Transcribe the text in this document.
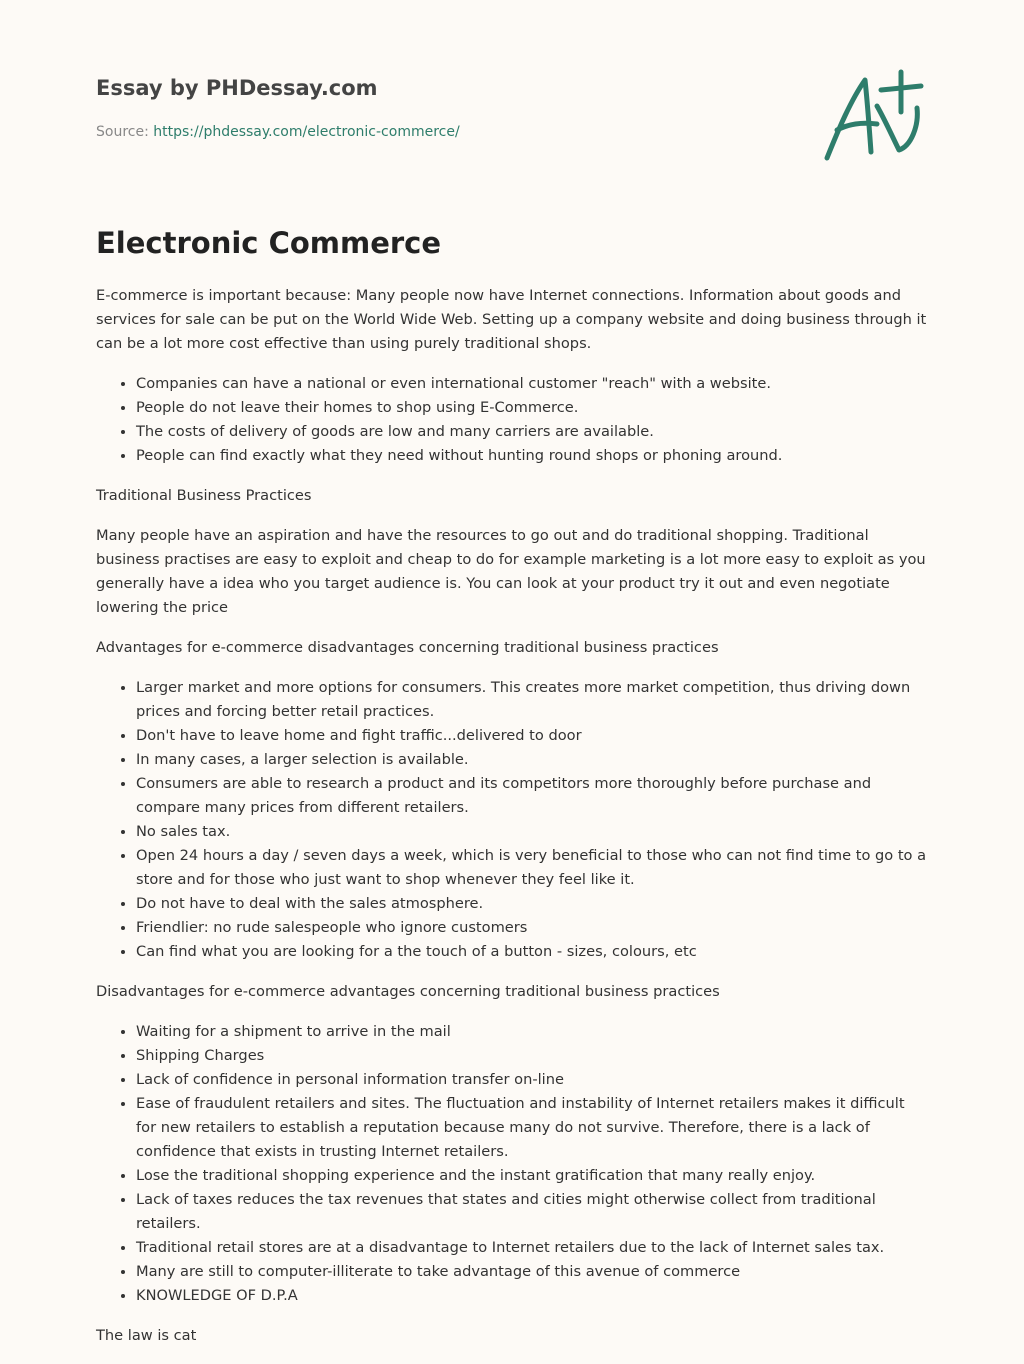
Essay by PHDessay.com
Source: https://phdessay.com/electronic-commerce/
Electronic Commerce

E-commerce is important because: Many people now have Internet connections. Information about goods and services for sale can be put on the World Wide Web. Setting up a company website and doing business through it can be a lot more cost effective than using purely traditional shops.

• Companies can have a national or even international customer "reach" with a website.
• People do not leave their homes to shop using E-Commerce.
• The costs of delivery of goods are low and many carriers are available.
• People can find exactly what they need without hunting round shops or phoning around.

Traditional Business Practices

Many people have an aspiration and have the resources to go out and do traditional shopping. Traditional business practises are easy to exploit and cheap to do for example marketing is a lot more easy to exploit as you generally have a idea who you target audience is. You can look at your product try it out and even negotiate lowering the price

Advantages for e-commerce disadvantages concerning traditional business practices

• Larger market and more options for consumers. This creates more market competition, thus driving down prices and forcing better retail practices.
• Don't have to leave home and fight traffic...delivered to door
• In many cases, a larger selection is available.
• Consumers are able to research a product and its competitors more thoroughly before purchase and compare many prices from different retailers.
• No sales tax.
• Open 24 hours a day / seven days a week, which is very beneficial to those who can not find time to go to a store and for those who just want to shop whenever they feel like it.
• Do not have to deal with the sales atmosphere.
• Friendlier: no rude salespeople who ignore customers
• Can find what you are looking for a the touch of a button - sizes, colours, etc

Disadvantages for e-commerce advantages concerning traditional business practices

• Waiting for a shipment to arrive in the mail
• Shipping Charges
• Lack of confidence in personal information transfer on-line
• Ease of fraudulent retailers and sites. The fluctuation and instability of Internet retailers makes it difficult for new retailers to establish a reputation because many do not survive. Therefore, there is a lack of confidence that exists in trusting Internet retailers.
• Lose the traditional shopping experience and the instant gratification that many really enjoy.
• Lack of taxes reduces the tax revenues that states and cities might otherwise collect from traditional retailers.
• Traditional retail stores are at a disadvantage to Internet retailers due to the lack of Internet sales tax.
• Many are still to computer-illiterate to take advantage of this avenue of commerce
• KNOWLEDGE OF D.P.A

The law is cat
